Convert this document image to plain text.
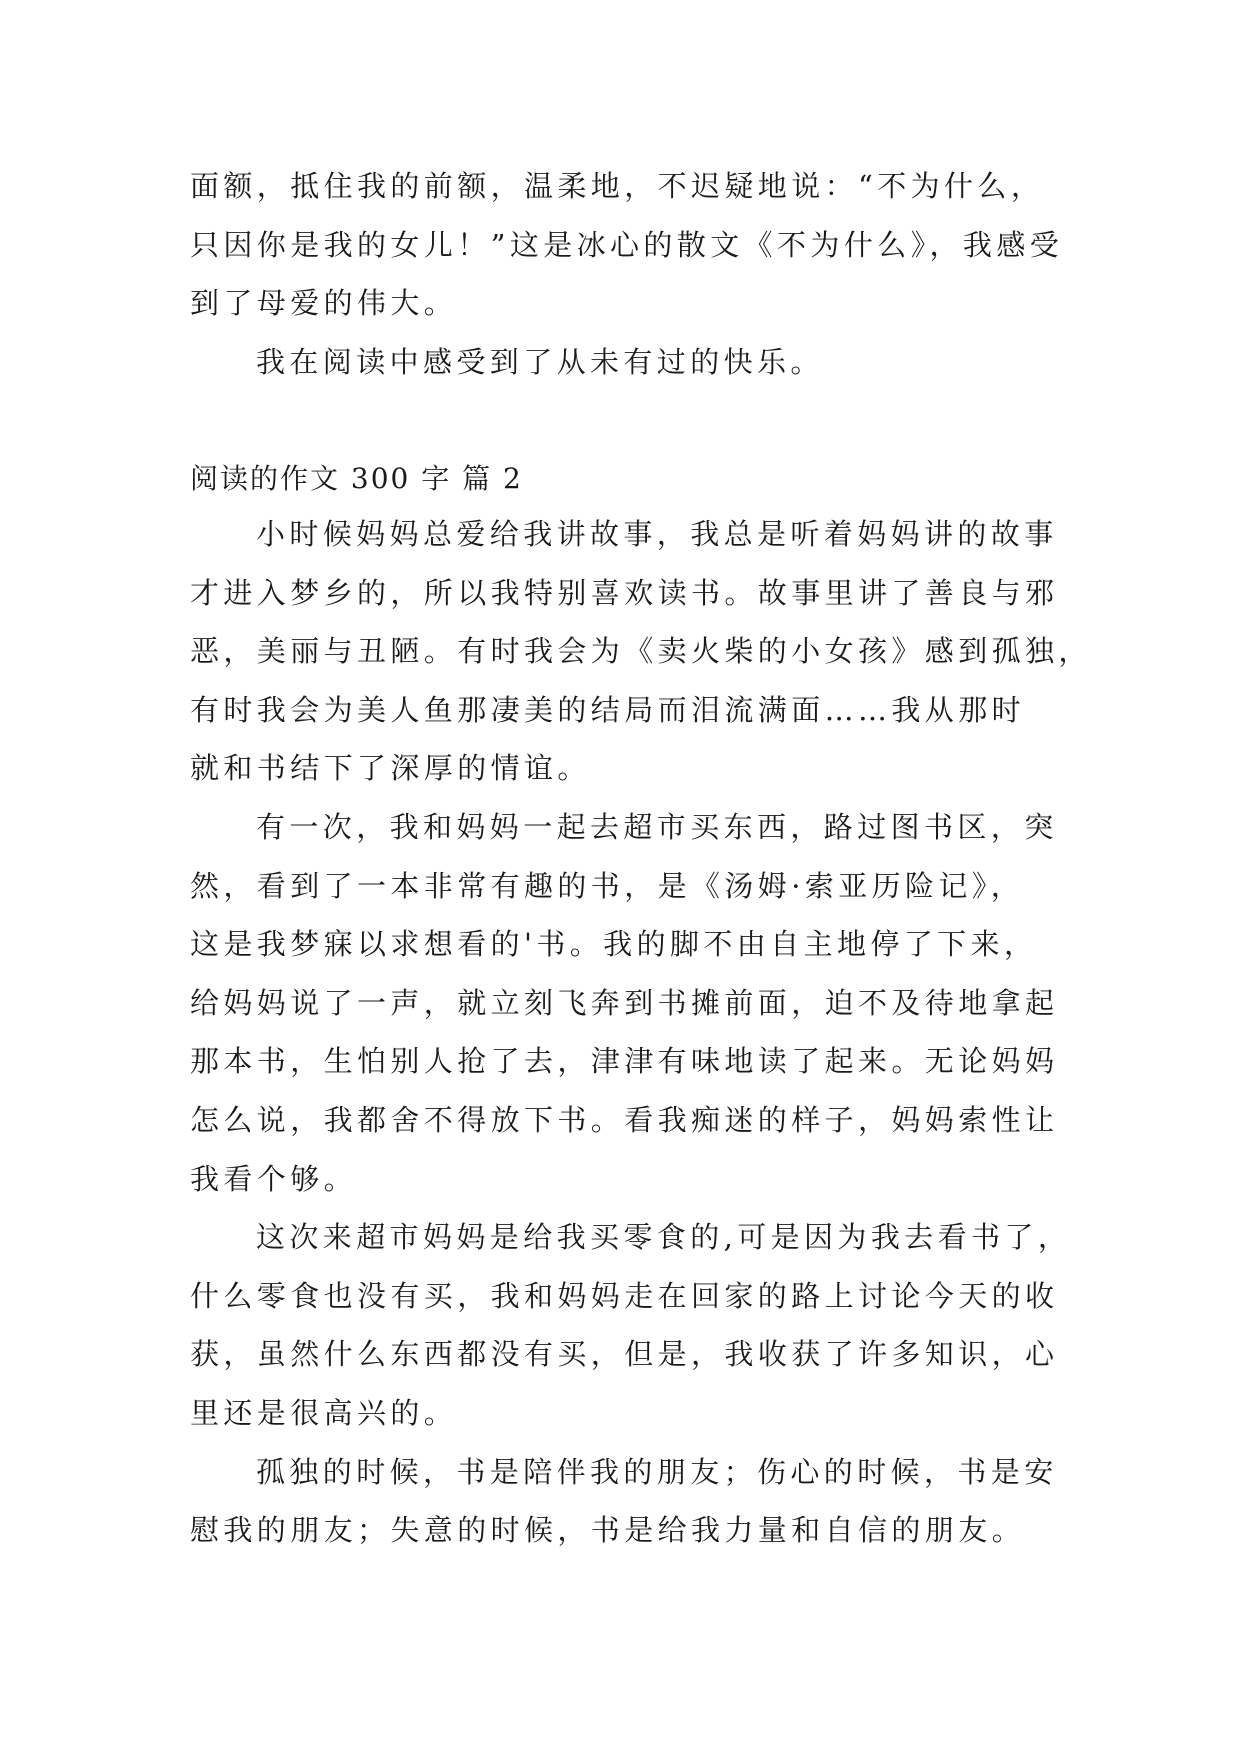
面额，抵住我的前额，温柔地，不迟疑地说：“不为什么，
只因你是我的女儿！”这是冰心的散文《不为什么》，我感受
到了母爱的伟大。
我在阅读中感受到了从未有过的快乐。
阅读的作文 300 字 篇 2
小时候妈妈总爱给我讲故事，我总是听着妈妈讲的故事
才进入梦乡的，所以我特别喜欢读书。故事里讲了善良与邪
恶，美丽与丑陋。有时我会为《卖火柴的小女孩》感到孤独，
有时我会为美人鱼那凄美的结局而泪流满面……我从那时
就和书结下了深厚的情谊。
有一次，我和妈妈一起去超市买东西，路过图书区，突
然，看到了一本非常有趣的书，是《汤姆·索亚历险记》，
这是我梦寐以求想看的'书。我的脚不由自主地停了下来，
给妈妈说了一声，就立刻飞奔到书摊前面，迫不及待地拿起
那本书，生怕别人抢了去，津津有味地读了起来。无论妈妈
怎么说，我都舍不得放下书。看我痴迷的样子，妈妈索性让
我看个够。
这次来超市妈妈是给我买零食的,可是因为我去看书了，
什么零食也没有买，我和妈妈走在回家的路上讨论今天的收
获，虽然什么东西都没有买，但是，我收获了许多知识，心
里还是很高兴的。
孤独的时候，书是陪伴我的朋友；伤心的时候，书是安
慰我的朋友；失意的时候，书是给我力量和自信的朋友。
